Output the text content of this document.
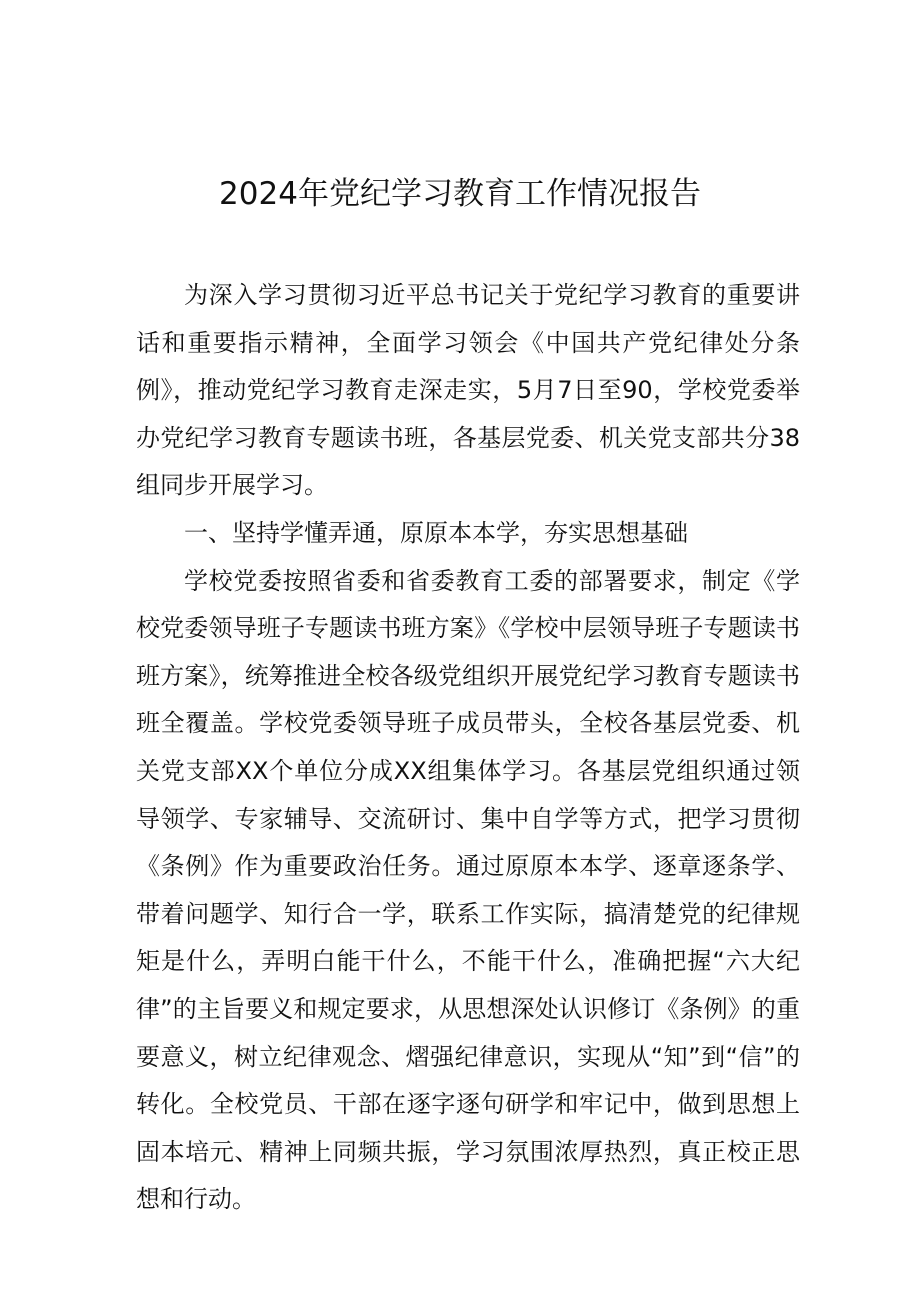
2024年党纪学习教育工作情况报告

为深入学习贯彻习近平总书记关于党纪学习教育的重要讲话和重要指示精神，全面学习领会《中国共产党纪律处分条例》，推动党纪学习教育走深走实，5月7日至90，学校党委举办党纪学习教育专题读书班，各基层党委、机关党支部共分38组同步开展学习。

一、坚持学懂弄通，原原本本学，夯实思想基础

学校党委按照省委和省委教育工委的部署要求，制定《学校党委领导班子专题读书班方案》《学校中层领导班子专题读书班方案》，统筹推进全校各级党组织开展党纪学习教育专题读书班全覆盖。学校党委领导班子成员带头，全校各基层党委、机关党支部XX个单位分成XX组集体学习。各基层党组织通过领导领学、专家辅导、交流研讨、集中自学等方式，把学习贯彻《条例》作为重要政治任务。通过原原本本学、逐章逐条学、带着问题学、知行合一学，联系工作实际，搞清楚党的纪律规矩是什么，弄明白能干什么，不能干什么，准确把握“六大纪律”的主旨要义和规定要求，从思想深处认识修订《条例》的重要意义，树立纪律观念、熠强纪律意识，实现从“知”到“信”的转化。全校党员、干部在逐字逐句研学和牢记中，做到思想上固本培元、精神上同频共振，学习氛围浓厚热烈，真正校正思想和行动。
